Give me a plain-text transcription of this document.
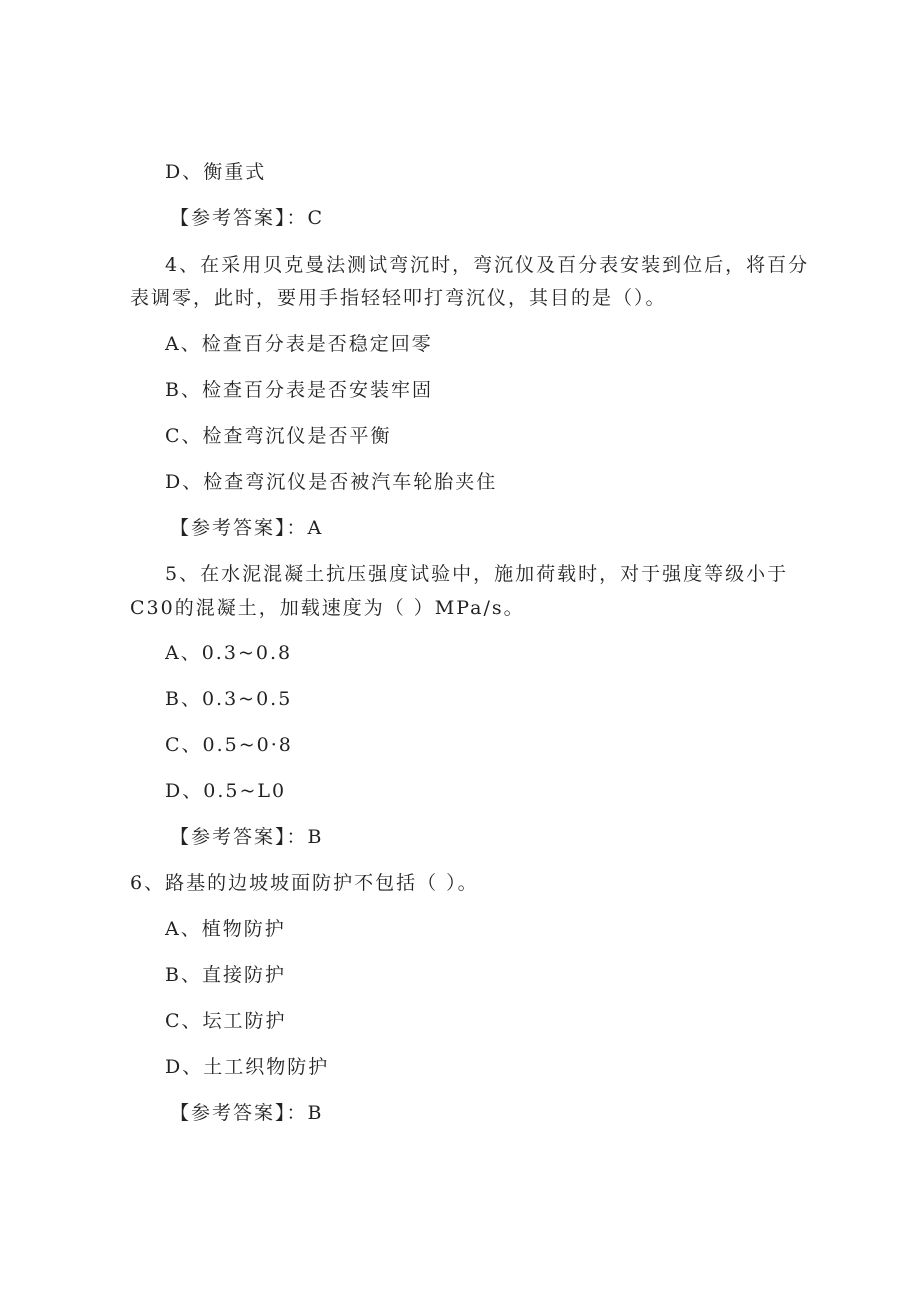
D、衡重式
【参考答案】：C
4、在采用贝克曼法测试弯沉时，弯沉仪及百分表安装到位后，将百分
表调零，此时，要用手指轻轻叩打弯沉仪，其目的是（）。
A、检查百分表是否稳定回零
B、检查百分表是否安装牢固
C、检查弯沉仪是否平衡
D、检查弯沉仪是否被汽车轮胎夹住
【参考答案】：A
5、在水泥混凝土抗压强度试验中，施加荷载时，对于强度等级小于
C30的混凝土，加载速度为（ ）MPa/s。
A、0.3~0.8
B、0.3~0.5
C、0.5~0·8
D、0.5~L0
【参考答案】：B
6、路基的边坡坡面防护不包括（ ）。
A、植物防护
B、直接防护
C、坛工防护
D、土工织物防护
【参考答案】：B
